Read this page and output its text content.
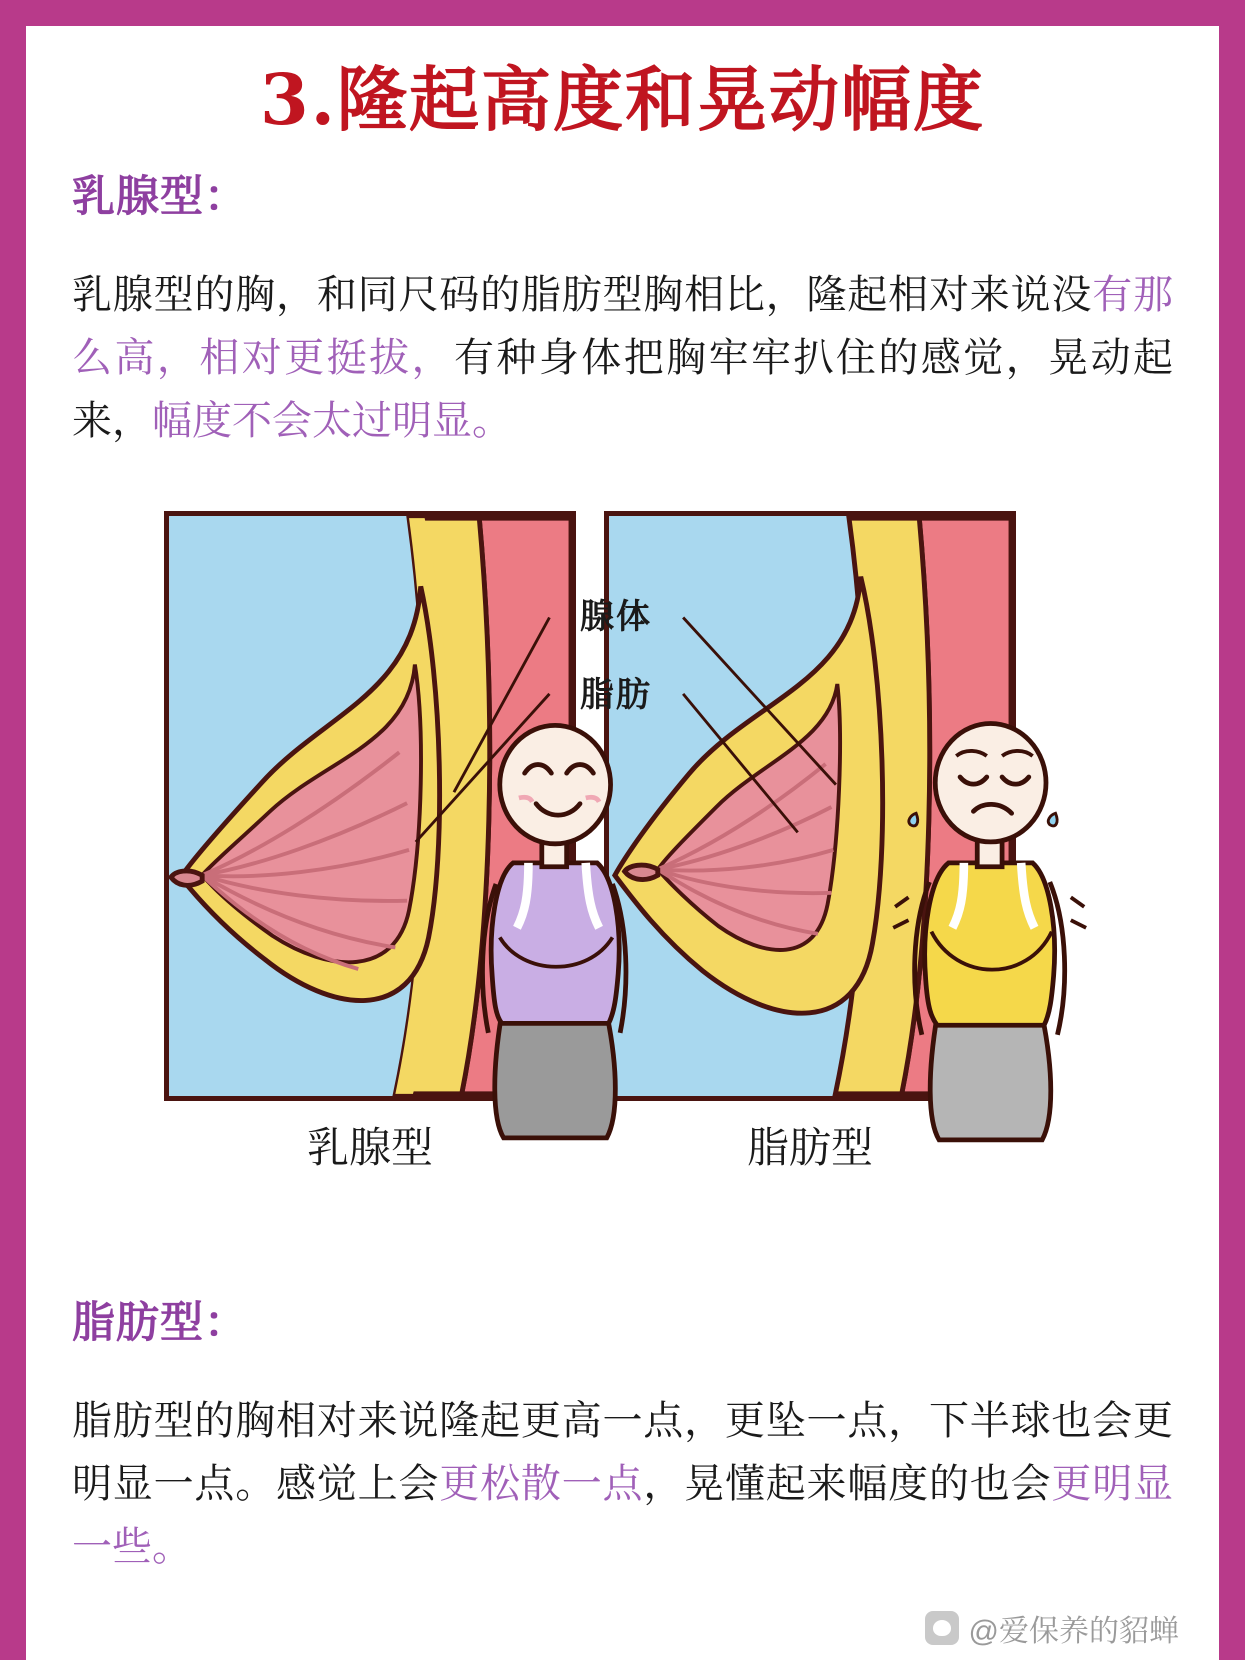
3.隆起高度和晃动幅度
乳腺型：

乳腺型的胸，和同尺码的脂肪型胸相比，隆起相对来说没有那么高，相对更挺拔，有种身体把胸牢牢扒住的感觉，晃动起来，幅度不会太过明显。

腺体
脂肪
乳腺型	脂肪型
脂肪型：

脂肪型的胸相对来说隆起更高一点，更坠一点，下半球也会更明显一点。感觉上会更松散一点，晃懂起来幅度的也会更明显一些。

@爱保养的貂蝉
